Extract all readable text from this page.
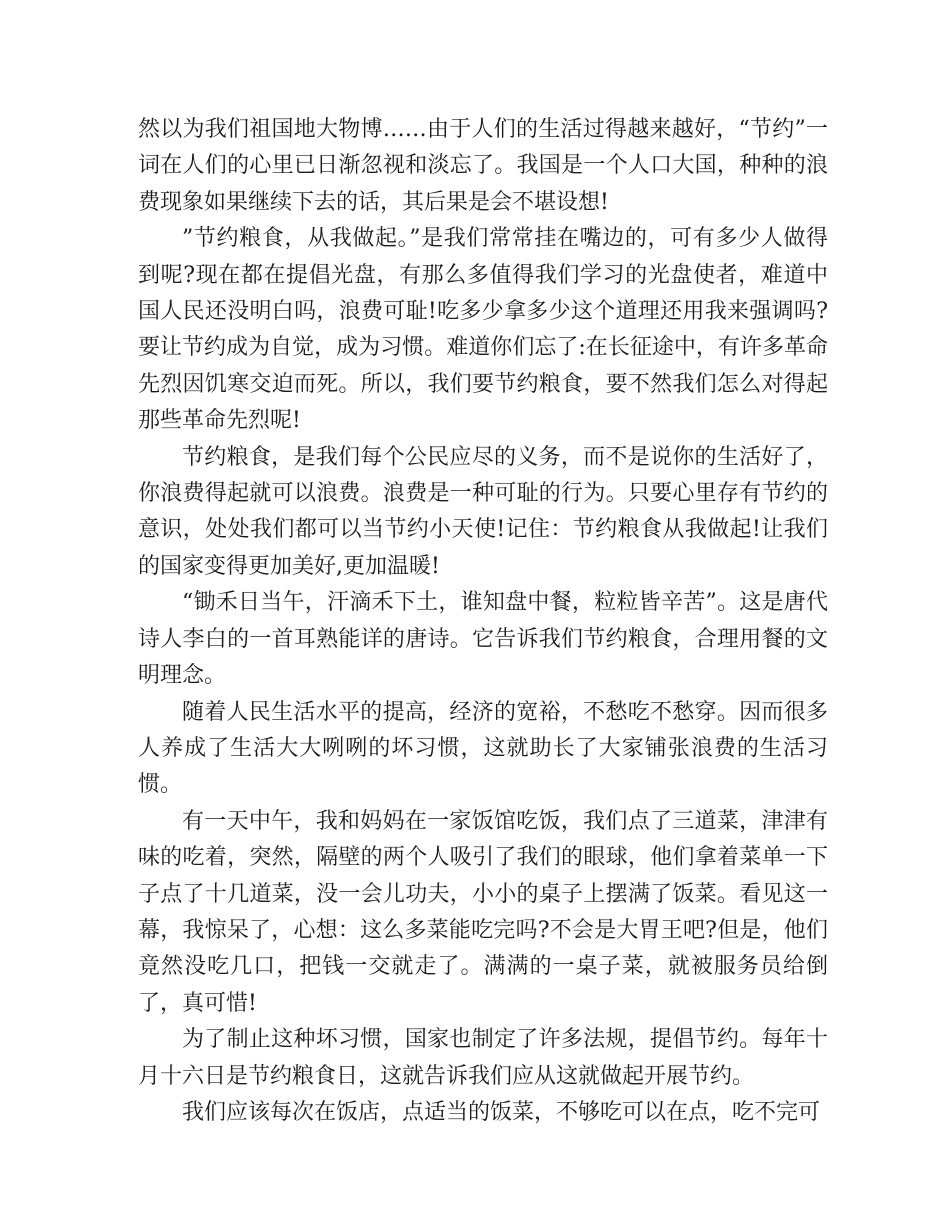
然以为我们祖国地大物博……由于人们的生活过得越来越好，“节约”一词在人们的心里已日渐忽视和淡忘了。我国是一个人口大国，种种的浪费现象如果继续下去的话，其后果是会不堪设想!

”节约粮食，从我做起。”是我们常常挂在嘴边的，可有多少人做得到呢?现在都在提倡光盘，有那么多值得我们学习的光盘使者，难道中国人民还没明白吗，浪费可耻!吃多少拿多少这个道理还用我来强调吗?要让节约成为自觉，成为习惯。难道你们忘了:在长征途中，有许多革命先烈因饥寒交迫而死。所以，我们要节约粮食，要不然我们怎么对得起那些革命先烈呢!

节约粮食，是我们每个公民应尽的义务，而不是说你的生活好了，你浪费得起就可以浪费。浪费是一种可耻的行为。只要心里存有节约的意识，处处我们都可以当节约小天使!记住：节约粮食从我做起!让我们的国家变得更加美好,更加温暖!

“锄禾日当午，汗滴禾下土，谁知盘中餐，粒粒皆辛苦”。这是唐代诗人李白的一首耳熟能详的唐诗。它告诉我们节约粮食，合理用餐的文明理念。

随着人民生活水平的提高，经济的宽裕，不愁吃不愁穿。因而很多人养成了生活大大咧咧的坏习惯，这就助长了大家铺张浪费的生活习惯。

有一天中午，我和妈妈在一家饭馆吃饭，我们点了三道菜，津津有味的吃着，突然，隔壁的两个人吸引了我们的眼球，他们拿着菜单一下子点了十几道菜，没一会儿功夫，小小的桌子上摆满了饭菜。看见这一幕，我惊呆了，心想：这么多菜能吃完吗?不会是大胃王吧?但是，他们竟然没吃几口，把钱一交就走了。满满的一桌子菜，就被服务员给倒了，真可惜!

为了制止这种坏习惯，国家也制定了许多法规，提倡节约。每年十月十六日是节约粮食日，这就告诉我们应从这就做起开展节约。

我们应该每次在饭店，点适当的饭菜，不够吃可以在点，吃不完可
